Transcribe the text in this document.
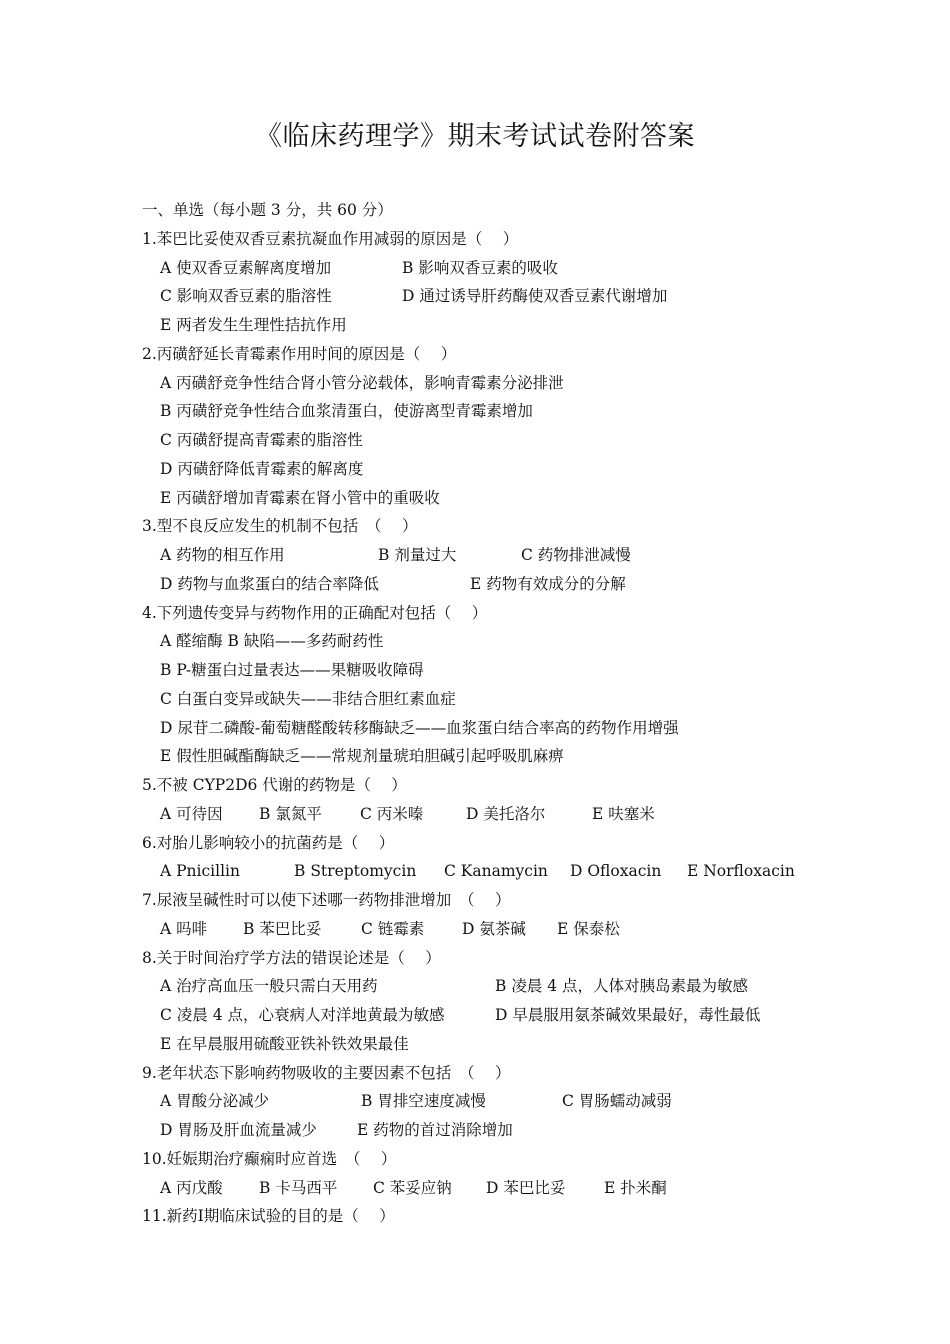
《临床药理学》期末考试试卷附答案
一、单选（每小题 3 分，共 60 分）
1.苯巴比妥使双香豆素抗凝血作用减弱的原因是（　 ）
A 使双香豆素解离度增加	B 影响双香豆素的吸收
C 影响双香豆素的脂溶性	D 通过诱导肝药酶使双香豆素代谢增加
E 两者发生生理性拮抗作用
2.丙磺舒延长青霉素作用时间的原因是（　 ）
A 丙磺舒竞争性结合肾小管分泌载体，影响青霉素分泌排泄
B 丙磺舒竞争性结合血浆清蛋白，使游离型青霉素增加
C 丙磺舒提高青霉素的脂溶性
D 丙磺舒降低青霉素的解离度
E 丙磺舒增加青霉素在肾小管中的重吸收
3.型不良反应发生的机制不包括　（　 ）
A 药物的相互作用	B 剂量过大	C 药物排泄减慢
D 药物与血浆蛋白的结合率降低	E 药物有效成分的分解
4.下列遗传变异与药物作用的正确配对包括（　 ）
A 醛缩酶 B 缺陷——多药耐药性
B P-糖蛋白过量表达——果糖吸收障碍
C 白蛋白变异或缺失——非结合胆红素血症
D 尿苷二磷酸-葡萄糖醛酸转移酶缺乏——血浆蛋白结合率高的药物作用增强
E 假性胆碱酯酶缺乏——常规剂量琥珀胆碱引起呼吸肌麻痹
5.不被 CYP2D6 代谢的药物是（　 ）
A 可待因 B 氯氮平 C 丙米嗪	D 美托洛尔	E 呋塞米
6.对胎儿影响较小的抗菌药是（　 ）
A Pnicillin	B Streptomycin C Kanamycin D Ofloxacin E Norfloxacin
7.尿液呈碱性时可以使下述哪一药物排泄增加　（　 ）
A 吗啡 B 苯巴比妥	C 链霉素 D 氨茶碱 E 保泰松
8.关于时间治疗学方法的错误论述是（　 ）
A 治疗高血压一般只需白天用药	B 凌晨 4 点，人体对胰岛素最为敏感
C 凌晨 4 点，心衰病人对洋地黄最为敏感	D 早晨服用氨茶碱效果最好，毒性最低
E 在早晨服用硫酸亚铁补铁效果最佳
9.老年状态下影响药物吸收的主要因素不包括　（　 ）
A 胃酸分泌减少	B 胃排空速度减慢	C 胃肠蠕动减弱
D 胃肠及肝血流量减少	E 药物的首过消除增加
10.妊娠期治疗癫痫时应首选　（　 ）
A 丙戊酸 B 卡马西平 C 苯妥应钠 D 苯巴比妥 E 扑米酮
11.新药Ⅰ期临床试验的目的是（　 ）
